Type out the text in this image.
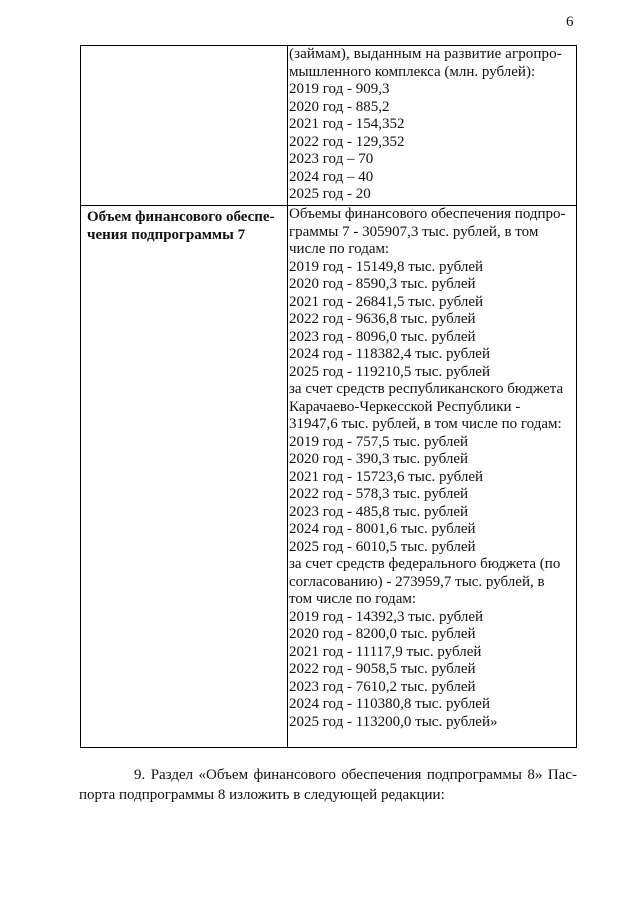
6
(займам), выданным на развитие агропро-
мышленного комплекса (млн. рублей):
2019 год - 909,3
2020 год - 885,2
2021 год - 154,352
2022 год - 129,352
2023 год – 70
2024 год – 40
2025 год - 20
Объем финансового обеспе-
чения подпрограммы 7
Объемы финансового обеспечения подпро-
граммы 7 - 305907,3 тыс. рублей, в том
числе по годам:
2019 год - 15149,8 тыс. рублей
2020 год - 8590,3 тыс. рублей
2021 год - 26841,5 тыс. рублей
2022 год - 9636,8 тыс. рублей
2023 год - 8096,0 тыс. рублей
2024 год - 118382,4 тыс. рублей
2025 год - 119210,5 тыс. рублей
за счет средств республиканского бюджета
Карачаево-Черкесской Республики -
31947,6 тыс. рублей, в том числе по годам:
2019 год - 757,5 тыс. рублей
2020 год - 390,3 тыс. рублей
2021 год - 15723,6 тыс. рублей
2022 год - 578,3 тыс. рублей
2023 год - 485,8 тыс. рублей
2024 год - 8001,6 тыс. рублей
2025 год - 6010,5 тыс. рублей
за счет средств федерального бюджета (по
согласованию) - 273959,7 тыс. рублей, в
том числе по годам:
2019 год - 14392,3 тыс. рублей
2020 год - 8200,0 тыс. рублей
2021 год - 11117,9 тыс. рублей
2022 год - 9058,5 тыс. рублей
2023 год - 7610,2 тыс. рублей
2024 год - 110380,8 тыс. рублей
2025 год - 113200,0 тыс. рублей»
9. Раздел «Объем финансового обеспечения подпрограммы 8» Пас-
порта подпрограммы 8 изложить в следующей редакции:
